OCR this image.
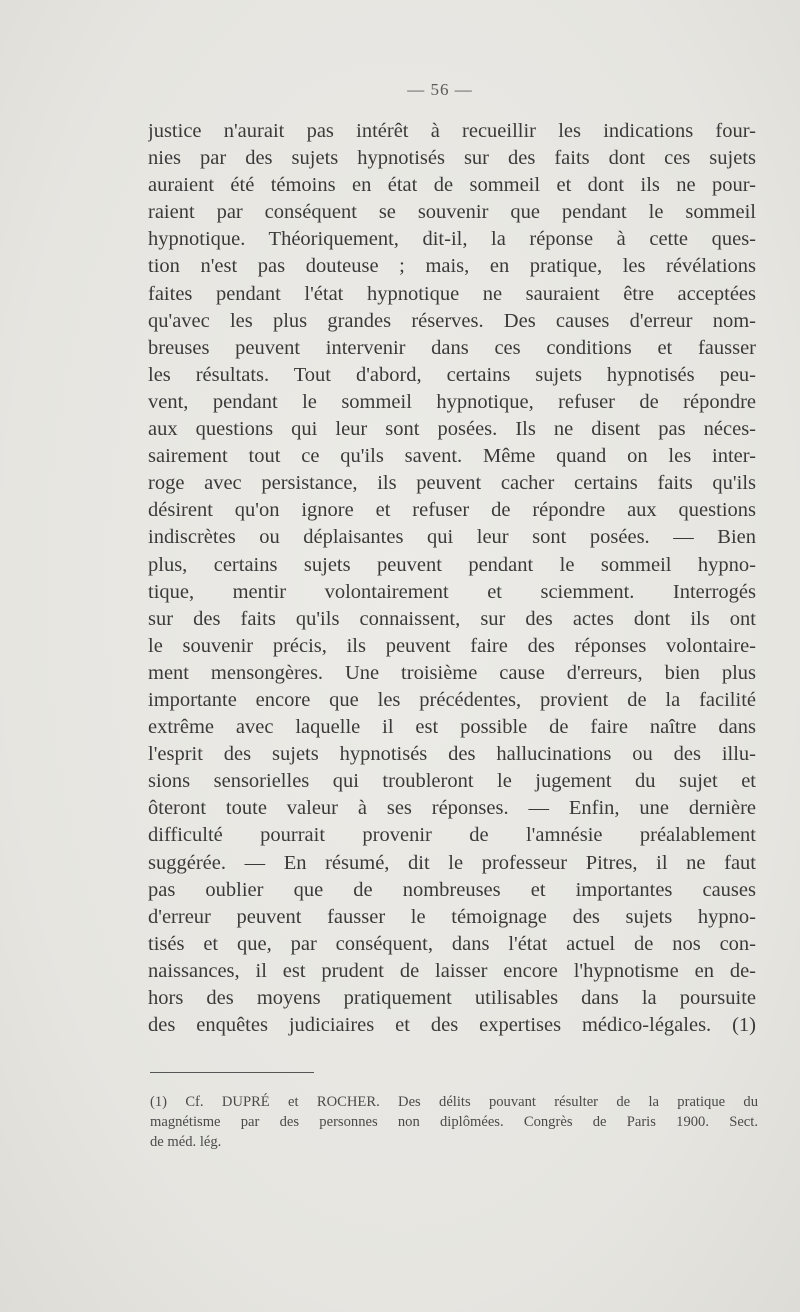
— 56 —
justice n'aurait pas intérêt à recueillir les indications four-
nies par des sujets hypnotisés sur des faits dont ces sujets
auraient été témoins en état de sommeil et dont ils ne pour-
raient par conséquent se souvenir que pendant le sommeil
hypnotique. Théoriquement, dit-il, la réponse à cette ques-
tion n'est pas douteuse ; mais, en pratique, les révélations
faites pendant l'état hypnotique ne sauraient être acceptées
qu'avec les plus grandes réserves. Des causes d'erreur nom-
breuses peuvent intervenir dans ces conditions et fausser
les résultats. Tout d'abord, certains sujets hypnotisés peu-
vent, pendant le sommeil hypnotique, refuser de répondre
aux questions qui leur sont posées. Ils ne disent pas néces-
sairement tout ce qu'ils savent. Même quand on les inter-
roge avec persistance, ils peuvent cacher certains faits qu'ils
désirent qu'on ignore et refuser de répondre aux questions
indiscrètes ou déplaisantes qui leur sont posées. — Bien
plus, certains sujets peuvent pendant le sommeil hypno-
tique, mentir volontairement et sciemment. Interrogés
sur des faits qu'ils connaissent, sur des actes dont ils ont
le souvenir précis, ils peuvent faire des réponses volontaire-
ment mensongères. Une troisième cause d'erreurs, bien plus
importante encore que les précédentes, provient de la facilité
extrême avec laquelle il est possible de faire naître dans
l'esprit des sujets hypnotisés des hallucinations ou des illu-
sions sensorielles qui troubleront le jugement du sujet et
ôteront toute valeur à ses réponses. — Enfin, une dernière
difficulté pourrait provenir de l'amnésie préalablement
suggérée. — En résumé, dit le professeur Pitres, il ne faut
pas oublier que de nombreuses et importantes causes
d'erreur peuvent fausser le témoignage des sujets hypno-
tisés et que, par conséquent, dans l'état actuel de nos con-
naissances, il est prudent de laisser encore l'hypnotisme en de-
hors des moyens pratiquement utilisables dans la poursuite
des enquêtes judiciaires et des expertises médico-légales. (1)
(1) Cf. DUPRÉ et ROCHER. Des délits pouvant résulter de la pratique du
magnétisme par des personnes non diplômées. Congrès de Paris 1900. Sect.
de méd. lég.
